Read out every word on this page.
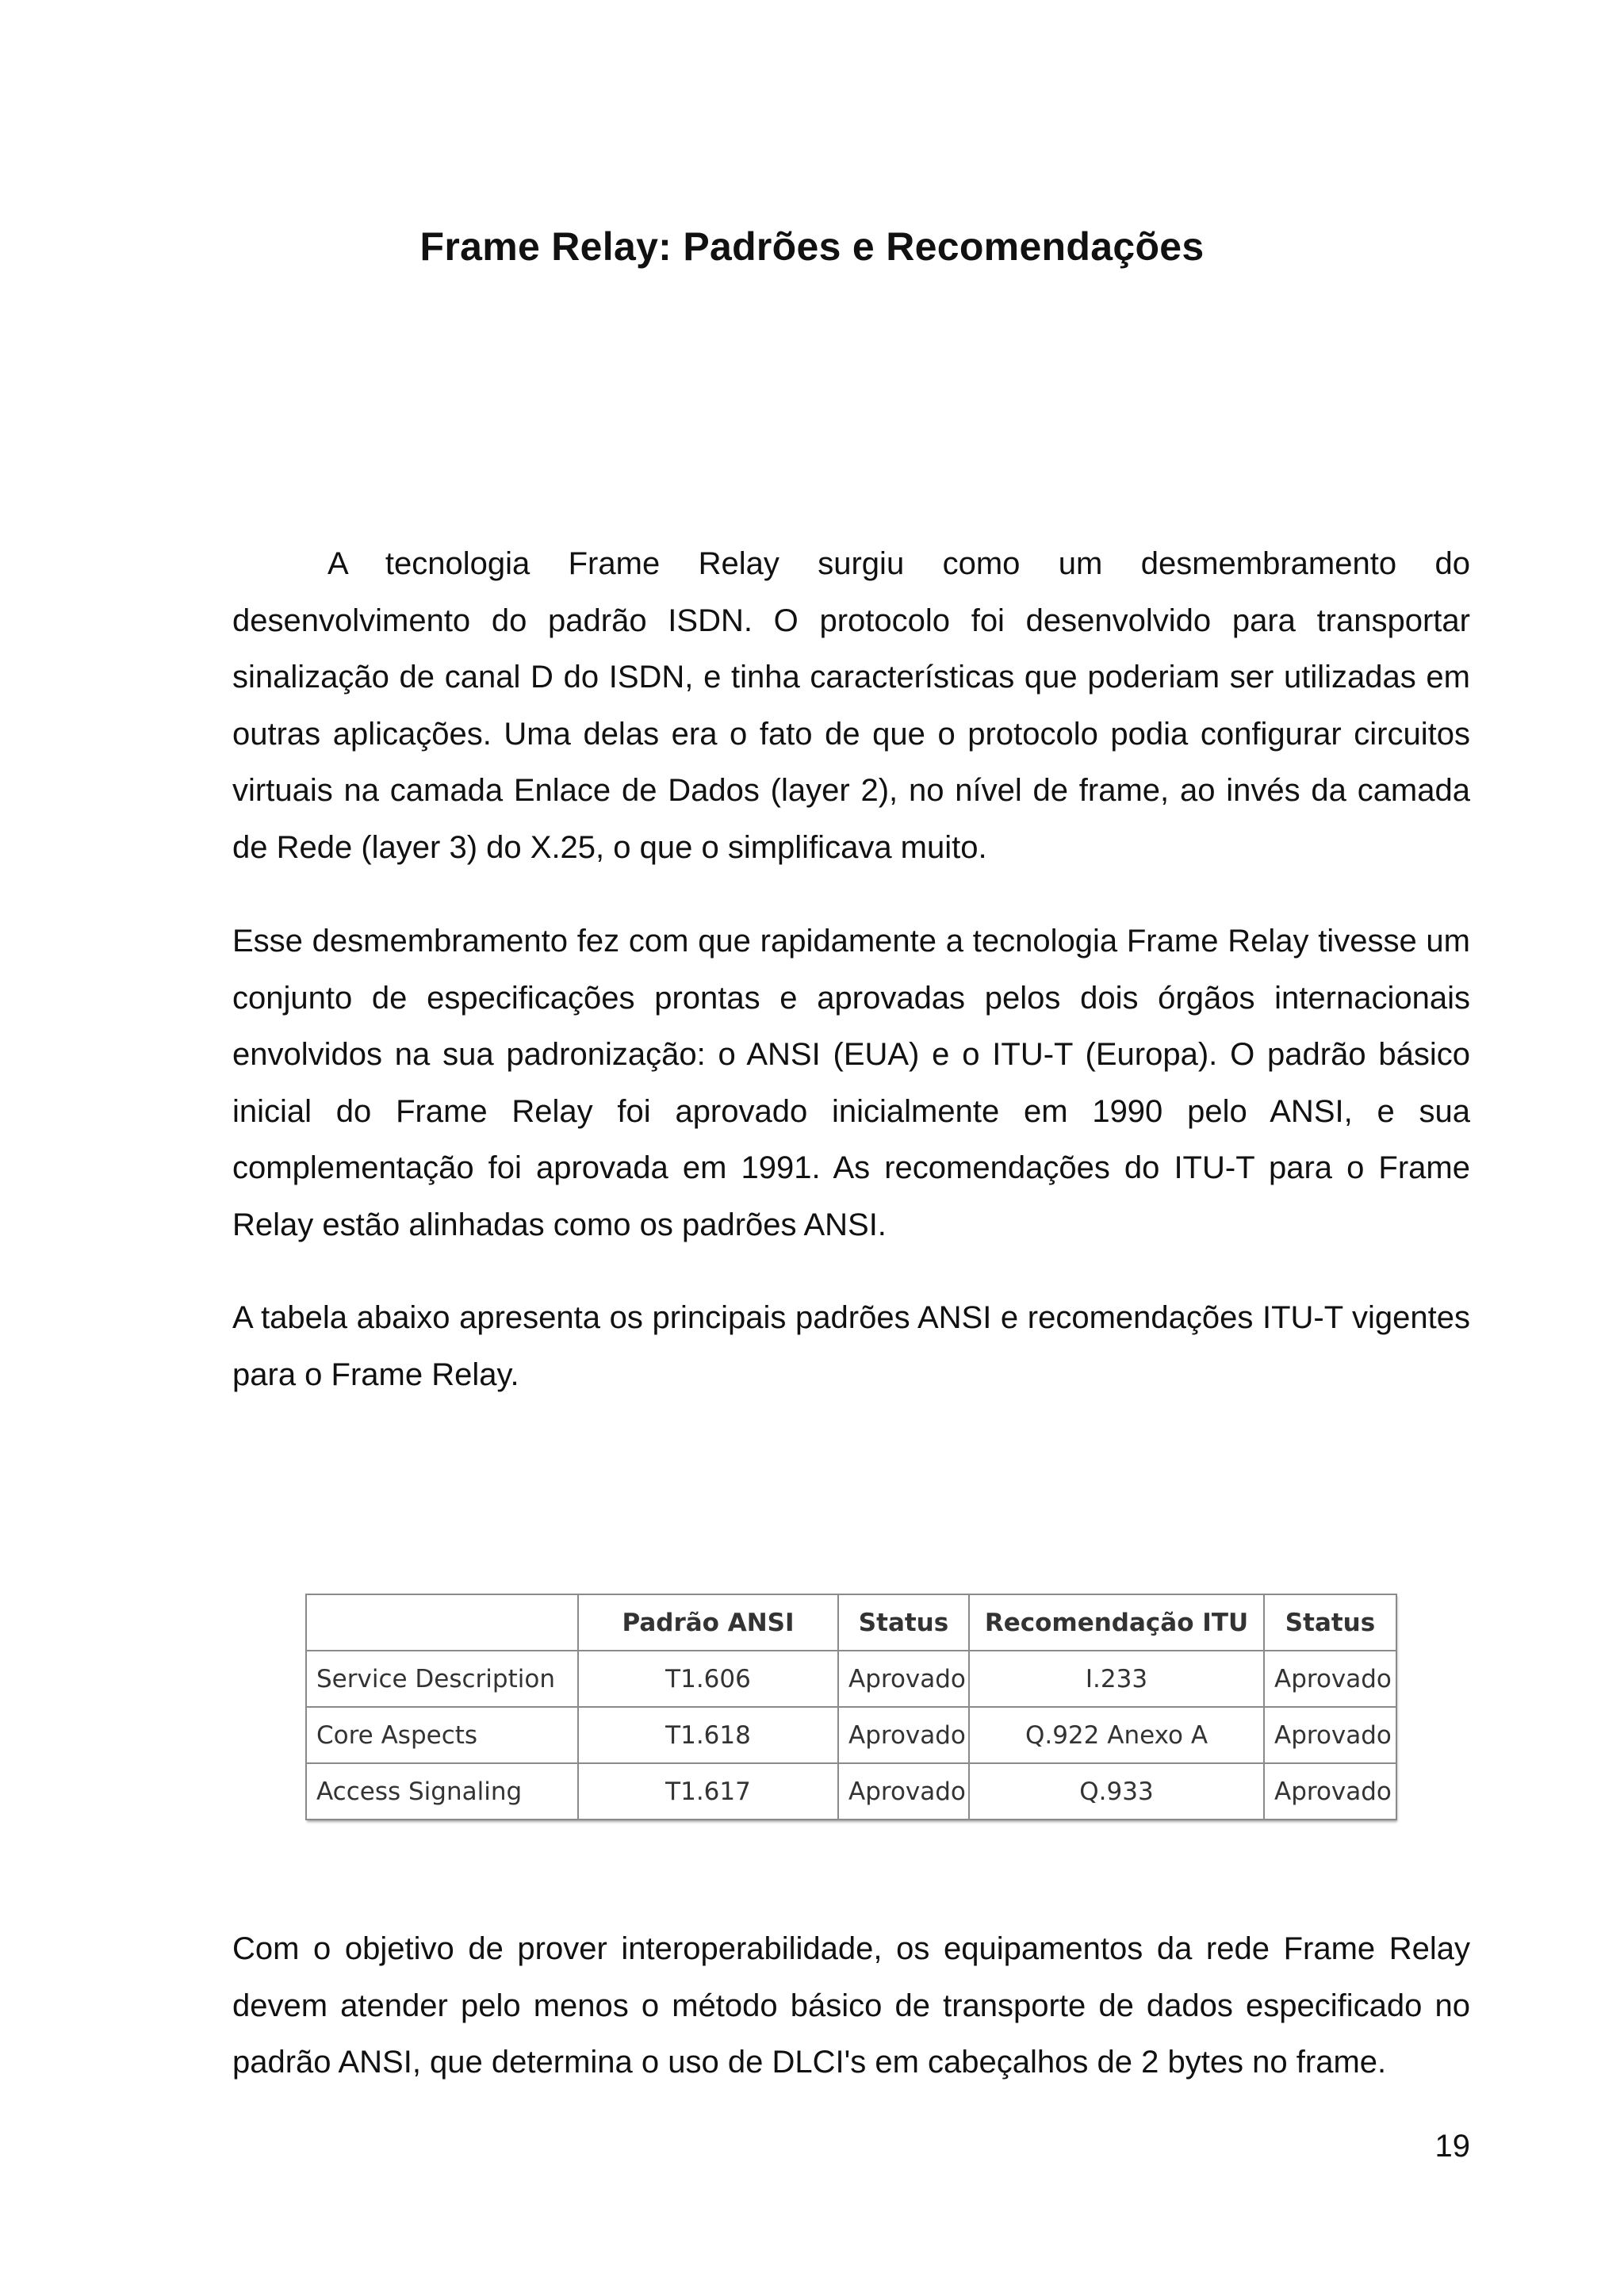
Frame Relay: Padrões e Recomendações

A tecnologia Frame Relay surgiu como um desmembramento do desenvolvimento do padrão ISDN. O protocolo foi desenvolvido para transportar sinalização de canal D do ISDN, e tinha características que poderiam ser utilizadas em outras aplicações. Uma delas era o fato de que o protocolo podia configurar circuitos virtuais na camada Enlace de Dados (layer 2), no nível de frame, ao invés da camada de Rede (layer 3) do X.25, o que o simplificava muito.

Esse desmembramento fez com que rapidamente a tecnologia Frame Relay tivesse um conjunto de especificações prontas e aprovadas pelos dois órgãos internacionais envolvidos na sua padronização: o ANSI (EUA) e o ITU-T (Europa). O padrão básico inicial do Frame Relay foi aprovado inicialmente em 1990 pelo ANSI, e sua complementação foi aprovada em 1991. As recomendações do ITU-T para o Frame Relay estão alinhadas como os padrões ANSI.

A tabela abaixo apresenta os principais padrões ANSI e recomendações ITU-T vigentes para o Frame Relay.

	Padrão ANSI	Status	Recomendação ITU	Status
Service Description	T1.606	Aprovado	I.233	Aprovado
Core Aspects	T1.618	Aprovado	Q.922 Anexo A	Aprovado
Access Signaling	T1.617	Aprovado	Q.933	Aprovado

Com o objetivo de prover interoperabilidade, os equipamentos da rede Frame Relay devem atender pelo menos o método básico de transporte de dados especificado no padrão ANSI, que determina o uso de DLCI's em cabeçalhos de 2 bytes no frame.

19
